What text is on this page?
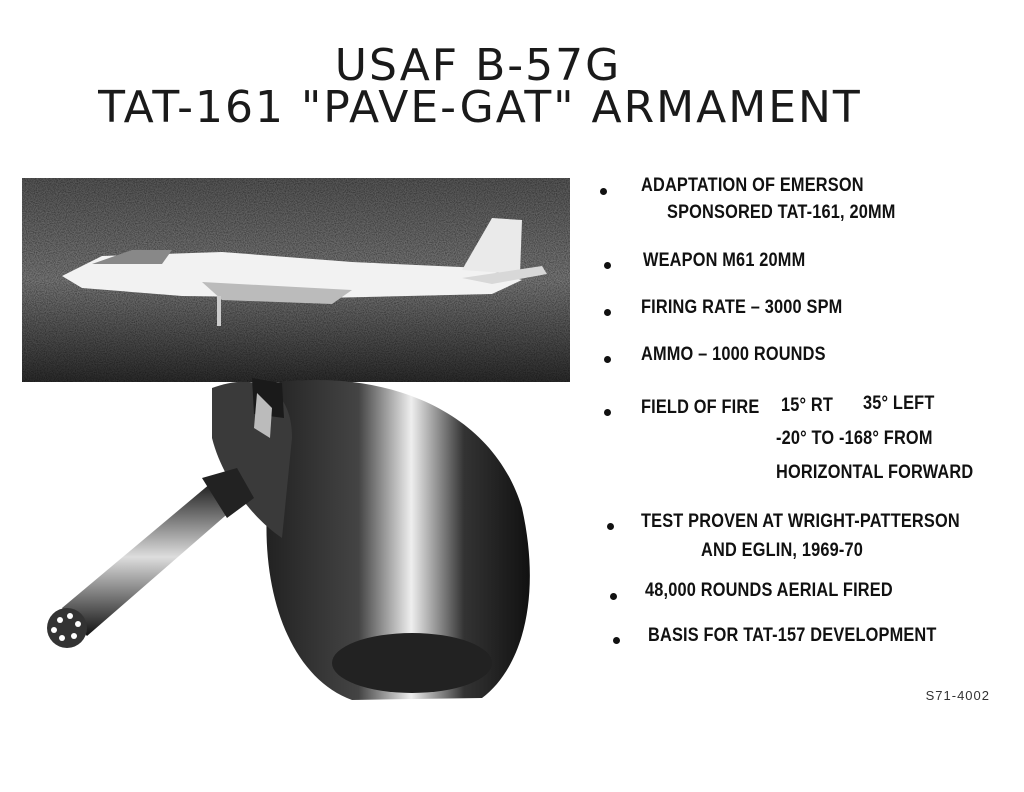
USAF B-57G
TAT-161 "PAVE-GAT" ARMAMENT
ADAPTATION OF EMERSON
SPONSORED TAT-161, 20MM
WEAPON M61 20MM
FIRING RATE – 3000 SPM
AMMO – 1000 ROUNDS
FIELD OF FIRE 15° RT 35° LEFT
-20° TO -168° FROM
HORIZONTAL FORWARD
TEST PROVEN AT WRIGHT-PATTERSON
AND EGLIN, 1969-70
48,000 ROUNDS AERIAL FIRED
BASIS FOR TAT-157 DEVELOPMENT
S71-4002
